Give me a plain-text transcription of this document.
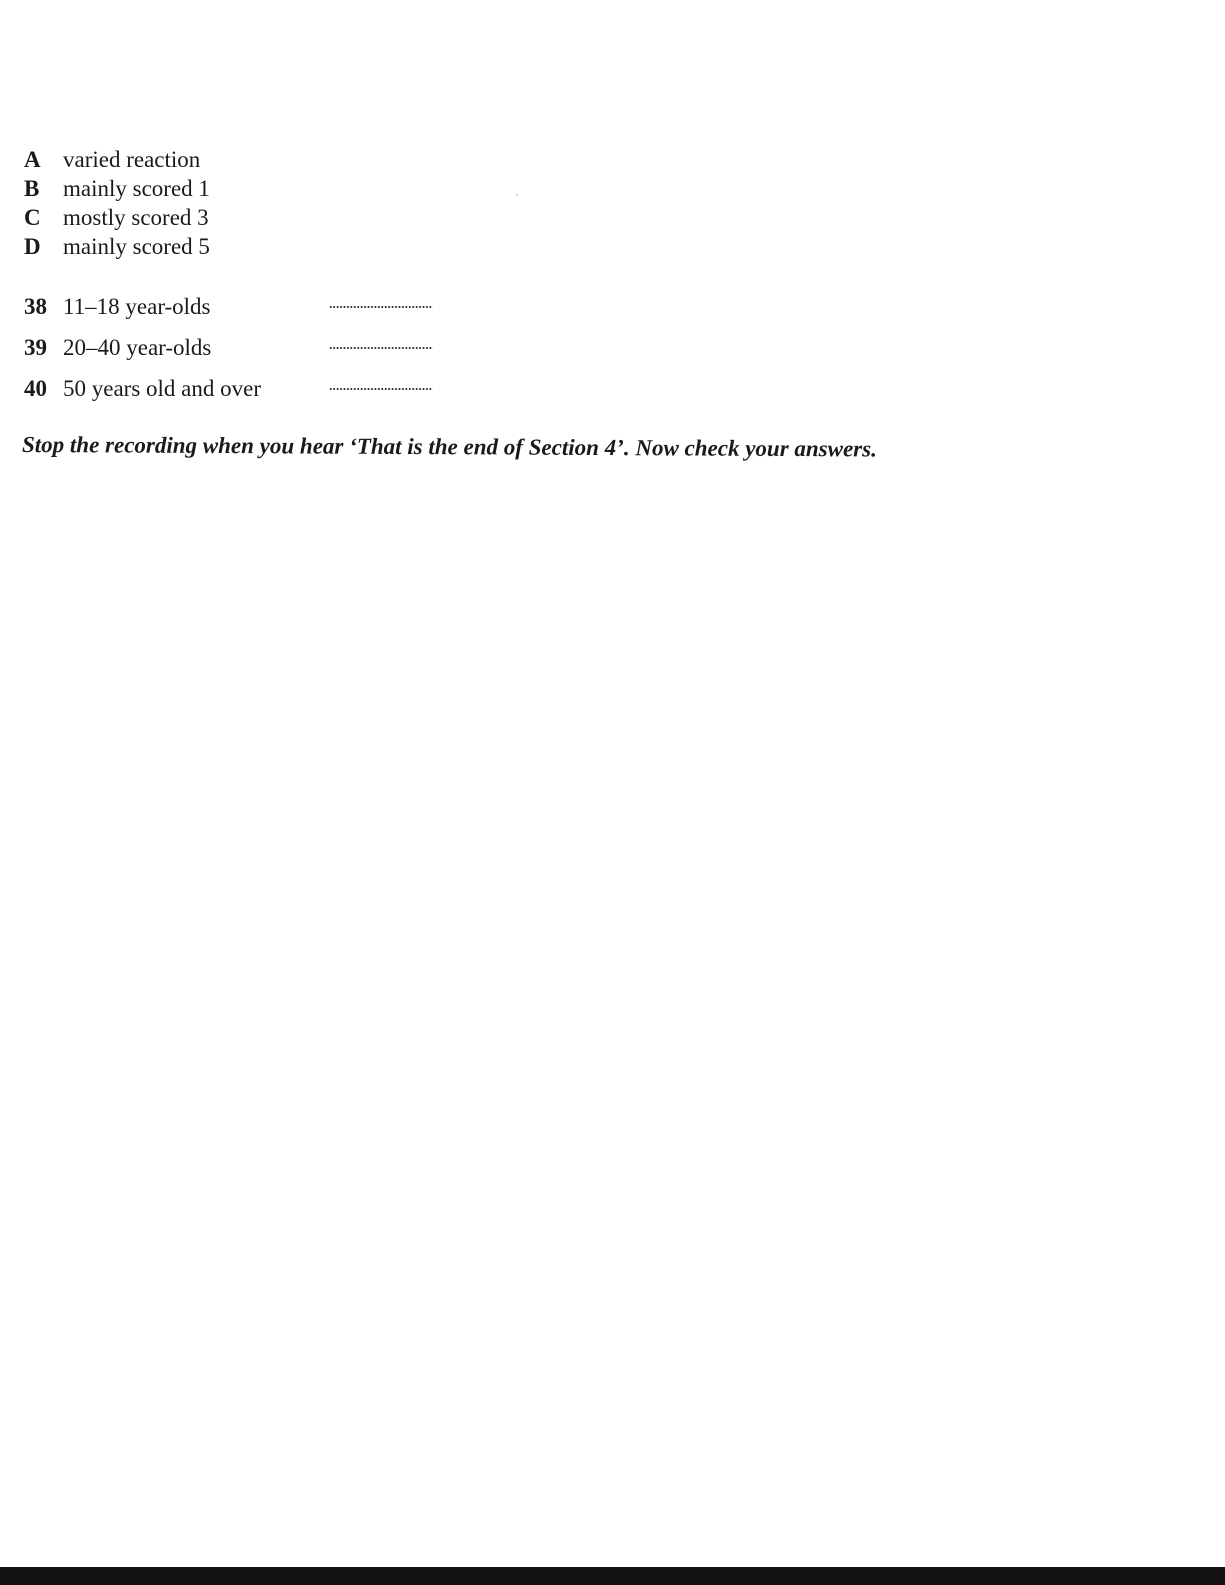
A varied reaction
B mainly scored 1
C mostly scored 3
D mainly scored 5
38 11–18 year-olds
39 20–40 year-olds
40 50 years old and over
Stop the recording when you hear ‘That is the end of Section 4’. Now check your answers.
